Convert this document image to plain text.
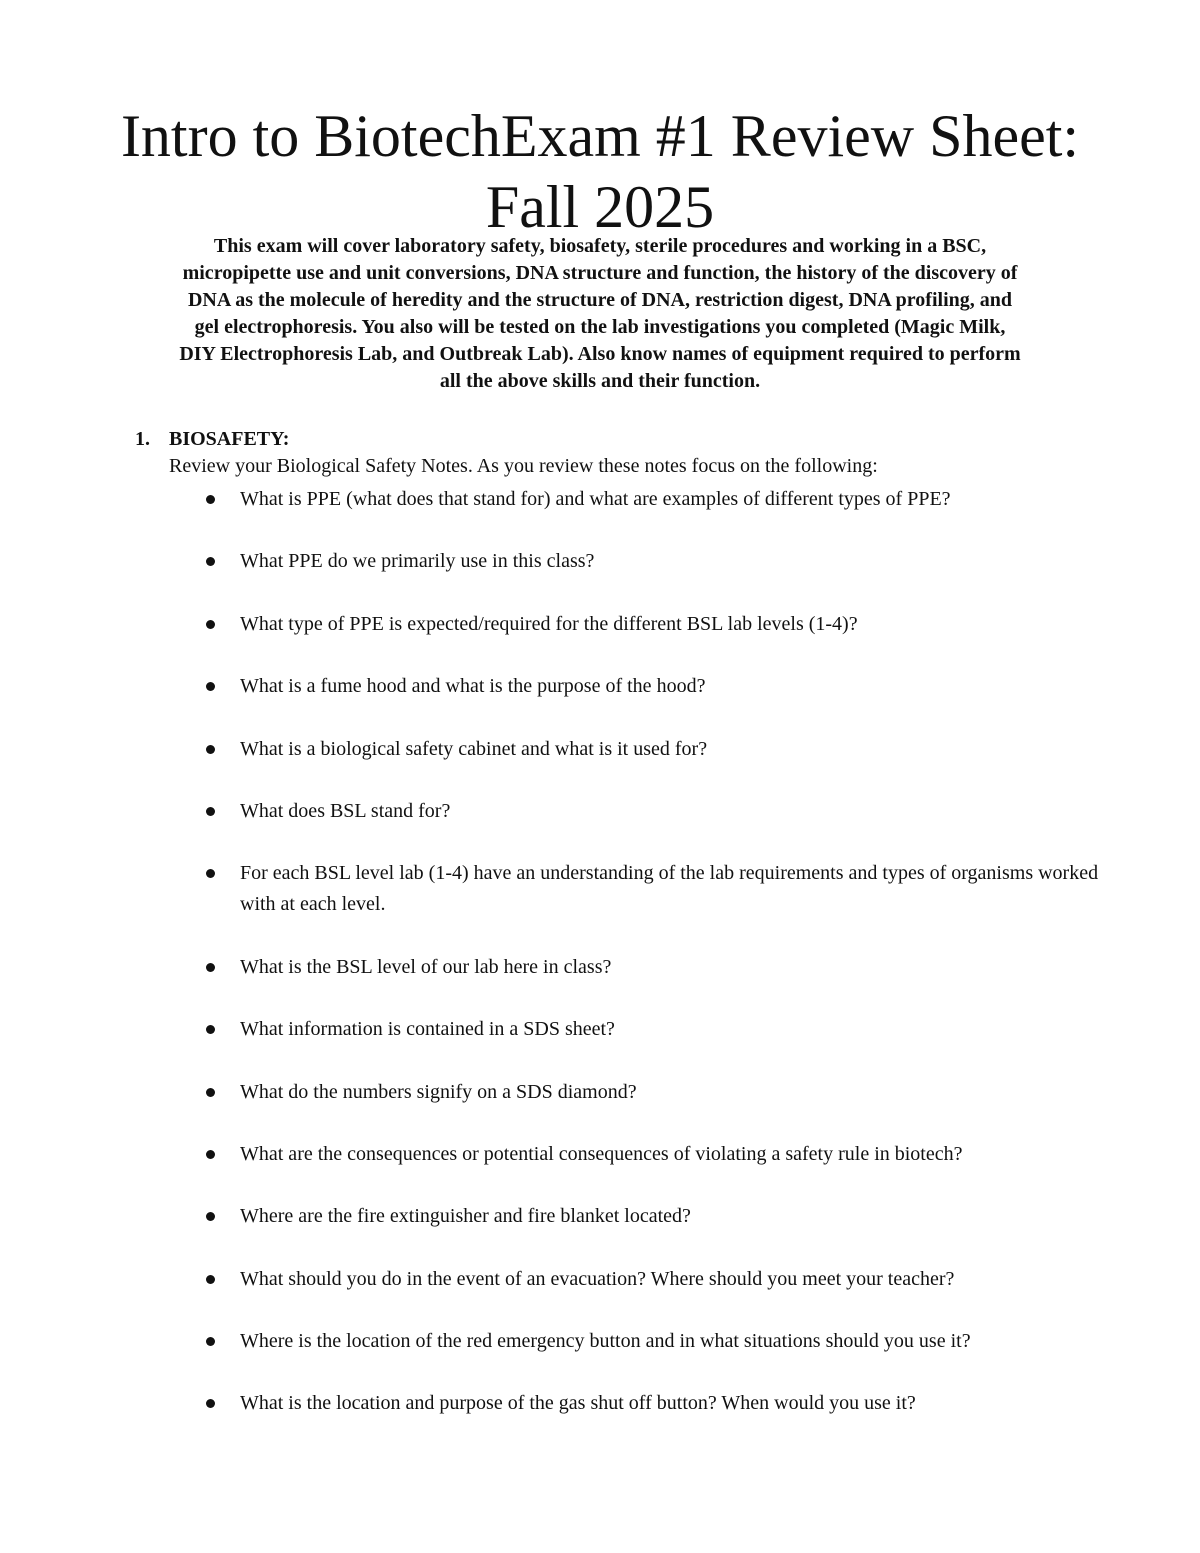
Intro to BiotechExam #1 Review Sheet:
Fall 2025

This exam will cover laboratory safety, biosafety, sterile procedures and working in a BSC,
micropipette use and unit conversions, DNA structure and function, the history of the discovery of
DNA as the molecule of heredity and the structure of DNA, restriction digest, DNA profiling, and
gel electrophoresis. You also will be tested on the lab investigations you completed (Magic Milk,
DIY Electrophoresis Lab, and Outbreak Lab). Also know names of equipment required to perform
all the above skills and their function.

1. BIOSAFETY:
Review your Biological Safety Notes. As you review these notes focus on the following:
What is PPE (what does that stand for) and what are examples of different types of PPE?
What PPE do we primarily use in this class?
What type of PPE is expected/required for the different BSL lab levels (1-4)?
What is a fume hood and what is the purpose of the hood?
What is a biological safety cabinet and what is it used for?
What does BSL stand for?
For each BSL level lab (1-4) have an understanding of the lab requirements and types of organisms worked with at each level.
What is the BSL level of our lab here in class?
What information is contained in a SDS sheet?
What do the numbers signify on a SDS diamond?
What are the consequences or potential consequences of violating a safety rule in biotech?
Where are the fire extinguisher and fire blanket located?
What should you do in the event of an evacuation? Where should you meet your teacher?
Where is the location of the red emergency button and in what situations should you use it?
What is the location and purpose of the gas shut off button? When would you use it?
